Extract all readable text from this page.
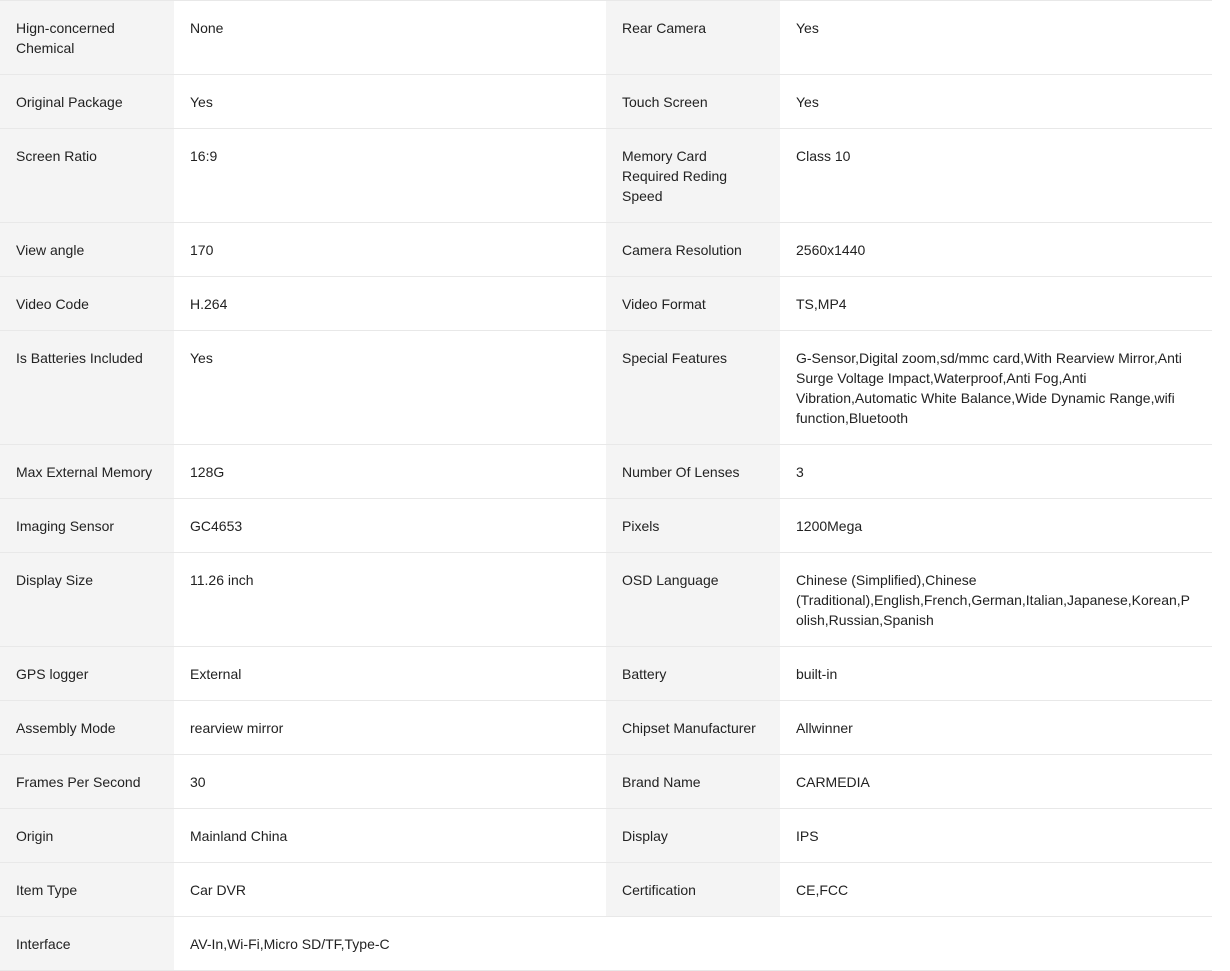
Hign-concerned Chemical	None	Rear Camera	Yes
Original Package	Yes	Touch Screen	Yes
Screen Ratio	16:9	Memory Card Required Reding Speed	Class 10
View angle	170	Camera Resolution	2560x1440
Video Code	H.264	Video Format	TS,MP4
Is Batteries Included	Yes	Special Features	G-Sensor,Digital zoom,sd/mmc card,With Rearview Mirror,Anti Surge Voltage Impact,Waterproof,Anti Fog,Anti Vibration,Automatic White Balance,Wide Dynamic Range,wifi function,Bluetooth
Max External Memory	128G	Number Of Lenses	3
Imaging Sensor	GC4653	Pixels	1200Mega
Display Size	11.26 inch	OSD Language	Chinese (Simplified),Chinese (Traditional),English,French,German,Italian,Japanese,Korean,Polish,Russian,Spanish
GPS logger	External	Battery	built-in
Assembly Mode	rearview mirror	Chipset Manufacturer	Allwinner
Frames Per Second	30	Brand Name	CARMEDIA
Origin	Mainland China	Display	IPS
Item Type	Car DVR	Certification	CE,FCC
Interface	AV-In,Wi-Fi,Micro SD/TF,Type-C		
